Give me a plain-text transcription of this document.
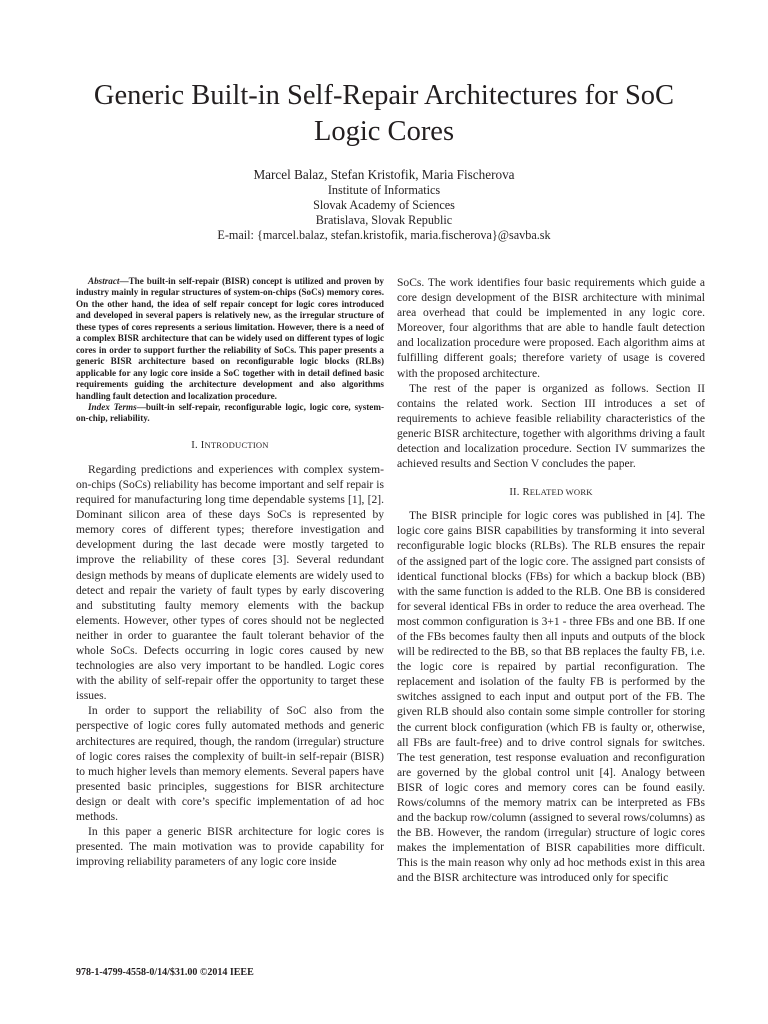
Generic Built-in Self-Repair Architectures for SoC
Logic Cores
Marcel Balaz, Stefan Kristofik, Maria Fischerova
Institute of Informatics
Slovak Academy of Sciences
Bratislava, Slovak Republic
E-mail: {marcel.balaz, stefan.kristofik, maria.fischerova}@savba.sk

Abstract—The built-in self-repair (BISR) concept is utilized and proven by industry mainly in regular structures of system-on-chips (SoCs) memory cores. On the other hand, the idea of self repair concept for logic cores introduced and developed in several papers is relatively new, as the irregular structure of these types of cores represents a serious limitation. However, there is a need of a complex BISR architecture that can be widely used on different types of logic cores in order to support further the reliability of SoCs. This paper presents a generic BISR architecture based on reconfigurable logic blocks (RLBs) applicable for any logic core inside a SoC together with in detail defined basic requirements guiding the architecture development and also algorithms handling fault detection and localization procedure.

Index Terms—built-in self-repair, reconfigurable logic, logic core, system-on-chip, reliability.

I. INTRODUCTION

Regarding predictions and experiences with complex system-on-chips (SoCs) reliability has become important and self repair is required for manufacturing long time dependable systems [1], [2]. Dominant silicon area of these days SoCs is represented by memory cores of different types; therefore investigation and development during the last decade were mostly targeted to improve the reliability of these cores [3]. Several redundant design methods by means of duplicate elements are widely used to detect and repair the variety of fault types by early discovering and substituting faulty memory elements with the backup elements. However, other types of cores should not be neglected neither in order to guarantee the fault tolerant behavior of the whole SoCs. Defects occurring in logic cores caused by new technologies are also very important to be handled. Logic cores with the ability of self-repair offer the opportunity to target these issues.

In order to support the reliability of SoC also from the perspective of logic cores fully automated methods and generic architectures are required, though, the random (irregular) structure of logic cores raises the complexity of built-in self-repair (BISR) to much higher levels than memory elements. Several papers have presented basic principles, suggestions for BISR architecture design or dealt with core’s specific implementation of ad hoc methods.

In this paper a generic BISR architecture for logic cores is presented. The main motivation was to provide capability for improving reliability parameters of any logic core inside

SoCs. The work identifies four basic requirements which guide a core design development of the BISR architecture with minimal area overhead that could be implemented in any logic core. Moreover, four algorithms that are able to handle fault detection and localization procedure were proposed. Each algorithm aims at fulfilling different goals; therefore variety of usage is covered with the proposed architecture.

The rest of the paper is organized as follows. Section II contains the related work. Section III introduces a set of requirements to achieve feasible reliability characteristics of the generic BISR architecture, together with algorithms driving a fault detection and localization procedure. Section IV summarizes the achieved results and Section V concludes the paper.

II. RELATED WORK

The BISR principle for logic cores was published in [4]. The logic core gains BISR capabilities by transforming it into several reconfigurable logic blocks (RLBs). The RLB ensures the repair of the assigned part of the logic core. The assigned part consists of identical functional blocks (FBs) for which a backup block (BB) with the same function is added to the RLB. One BB is considered for several identical FBs in order to reduce the area overhead. The most common configuration is 3+1 - three FBs and one BB. If one of the FBs becomes faulty then all inputs and outputs of the block will be redirected to the BB, so that BB replaces the faulty FB, i.e. the logic core is repaired by partial reconfiguration. The replacement and isolation of the faulty FB is performed by the switches assigned to each input and output port of the FB. The given RLB should also contain some simple controller for storing the current block configuration (which FB is faulty or, otherwise, all FBs are fault-free) and to drive control signals for switches. The test generation, test response evaluation and reconfiguration are governed by the global control unit [4]. Analogy between BISR of logic cores and memory cores can be found easily. Rows/columns of the memory matrix can be interpreted as FBs and the backup row/column (assigned to several rows/columns) as the BB. However, the random (irregular) structure of logic cores makes the implementation of BISR capabilities more difficult. This is the main reason why only ad hoc methods exist in this area and the BISR architecture was introduced only for specific

978-1-4799-4558-0/14/$31.00 ©2014 IEEE
